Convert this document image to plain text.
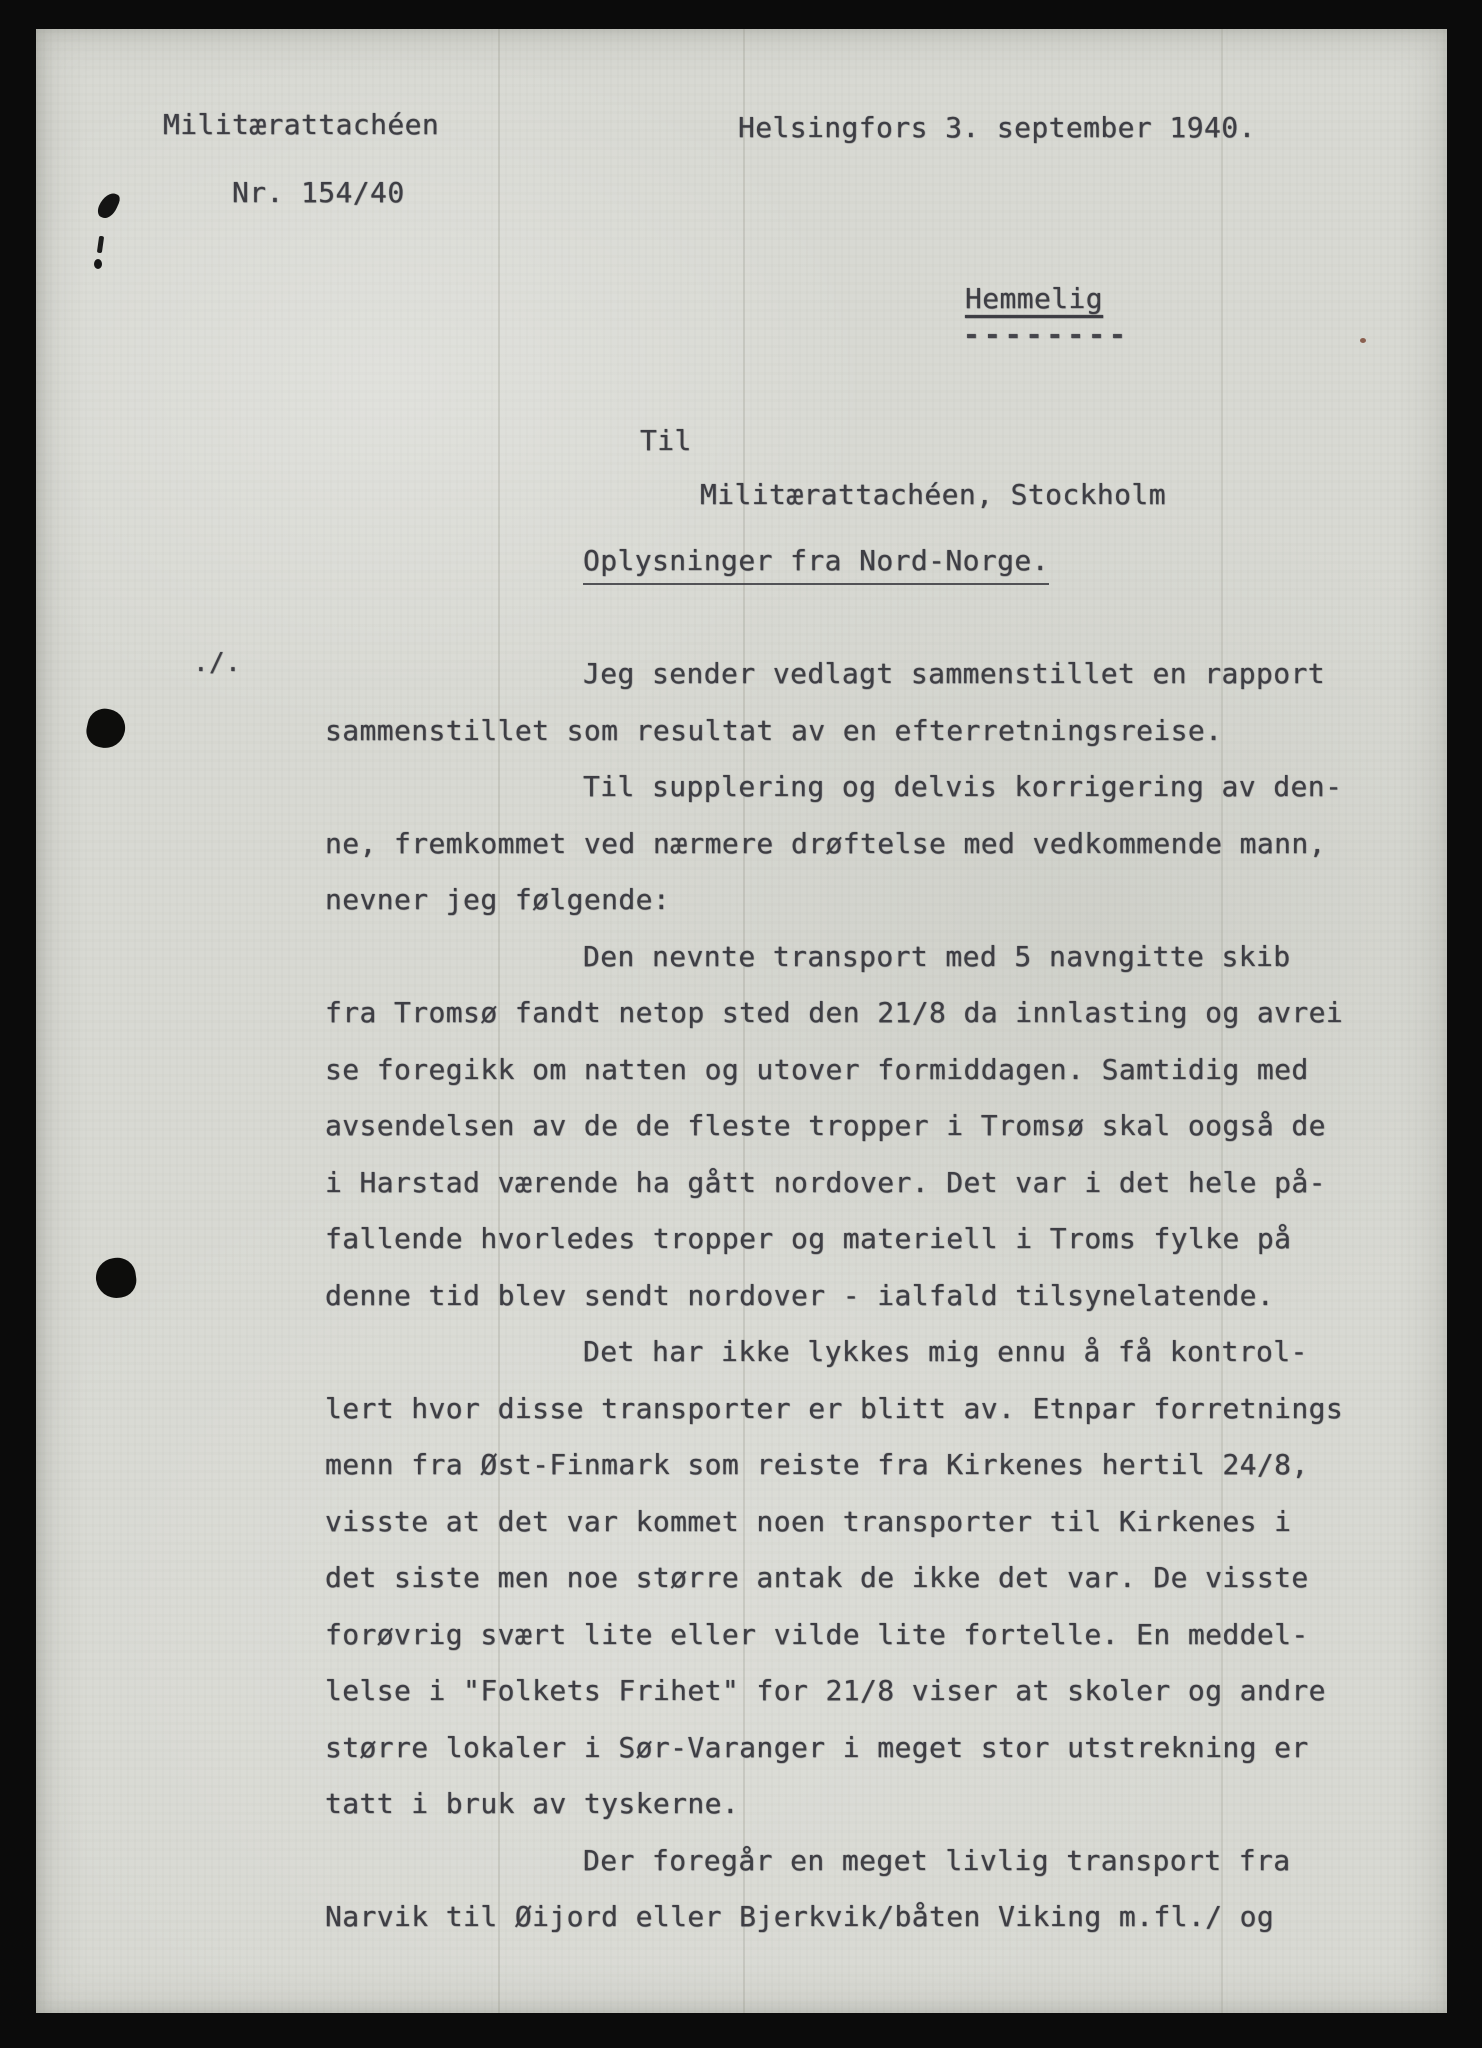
Militærattachéen
Nr. 154/40
Helsingfors 3. september 1940.
Hemmelig
--------
Til
Militærattachéen, Stockholm
Oplysninger fra Nord-Norge.
./.	Jeg sender vedlagt sammenstillet en rapport
sammenstillet som resultat av en efterretningsreise.
Til supplering og delvis korrigering av den-
ne, fremkommet ved nærmere drøftelse med vedkommende mann,
nevner jeg følgende:
Den nevnte transport med 5 navngitte skib
fra Tromsø fandt netop sted den 21/8 da innlasting og avrei
se foregikk om natten og utover formiddagen. Samtidig med
avsendelsen av de de fleste tropper i Tromsø skal oogså de
i Harstad værende ha gått nordover. Det var i det hele på-
fallende hvorledes tropper og materiell i Troms fylke på
denne tid blev sendt nordover - ialfald tilsynelatende.
Det har ikke lykkes mig ennu å få kontrol-
lert hvor disse transporter er blitt av. Etnpar forretnings
menn fra Øst-Finmark som reiste fra Kirkenes hertil 24/8,
visste at det var kommet noen transporter til Kirkenes i
det siste men noe større antak de ikke det var. De visste
forøvrig svært lite eller vilde lite fortelle. En meddel-
lelse i "Folkets Frihet" for 21/8 viser at skoler og andre
større lokaler i Sør-Varanger i meget stor utstrekning er
tatt i bruk av tyskerne.
Der foregår en meget livlig transport fra
Narvik til Øijord eller Bjerkvik/båten Viking m.fl./ og
